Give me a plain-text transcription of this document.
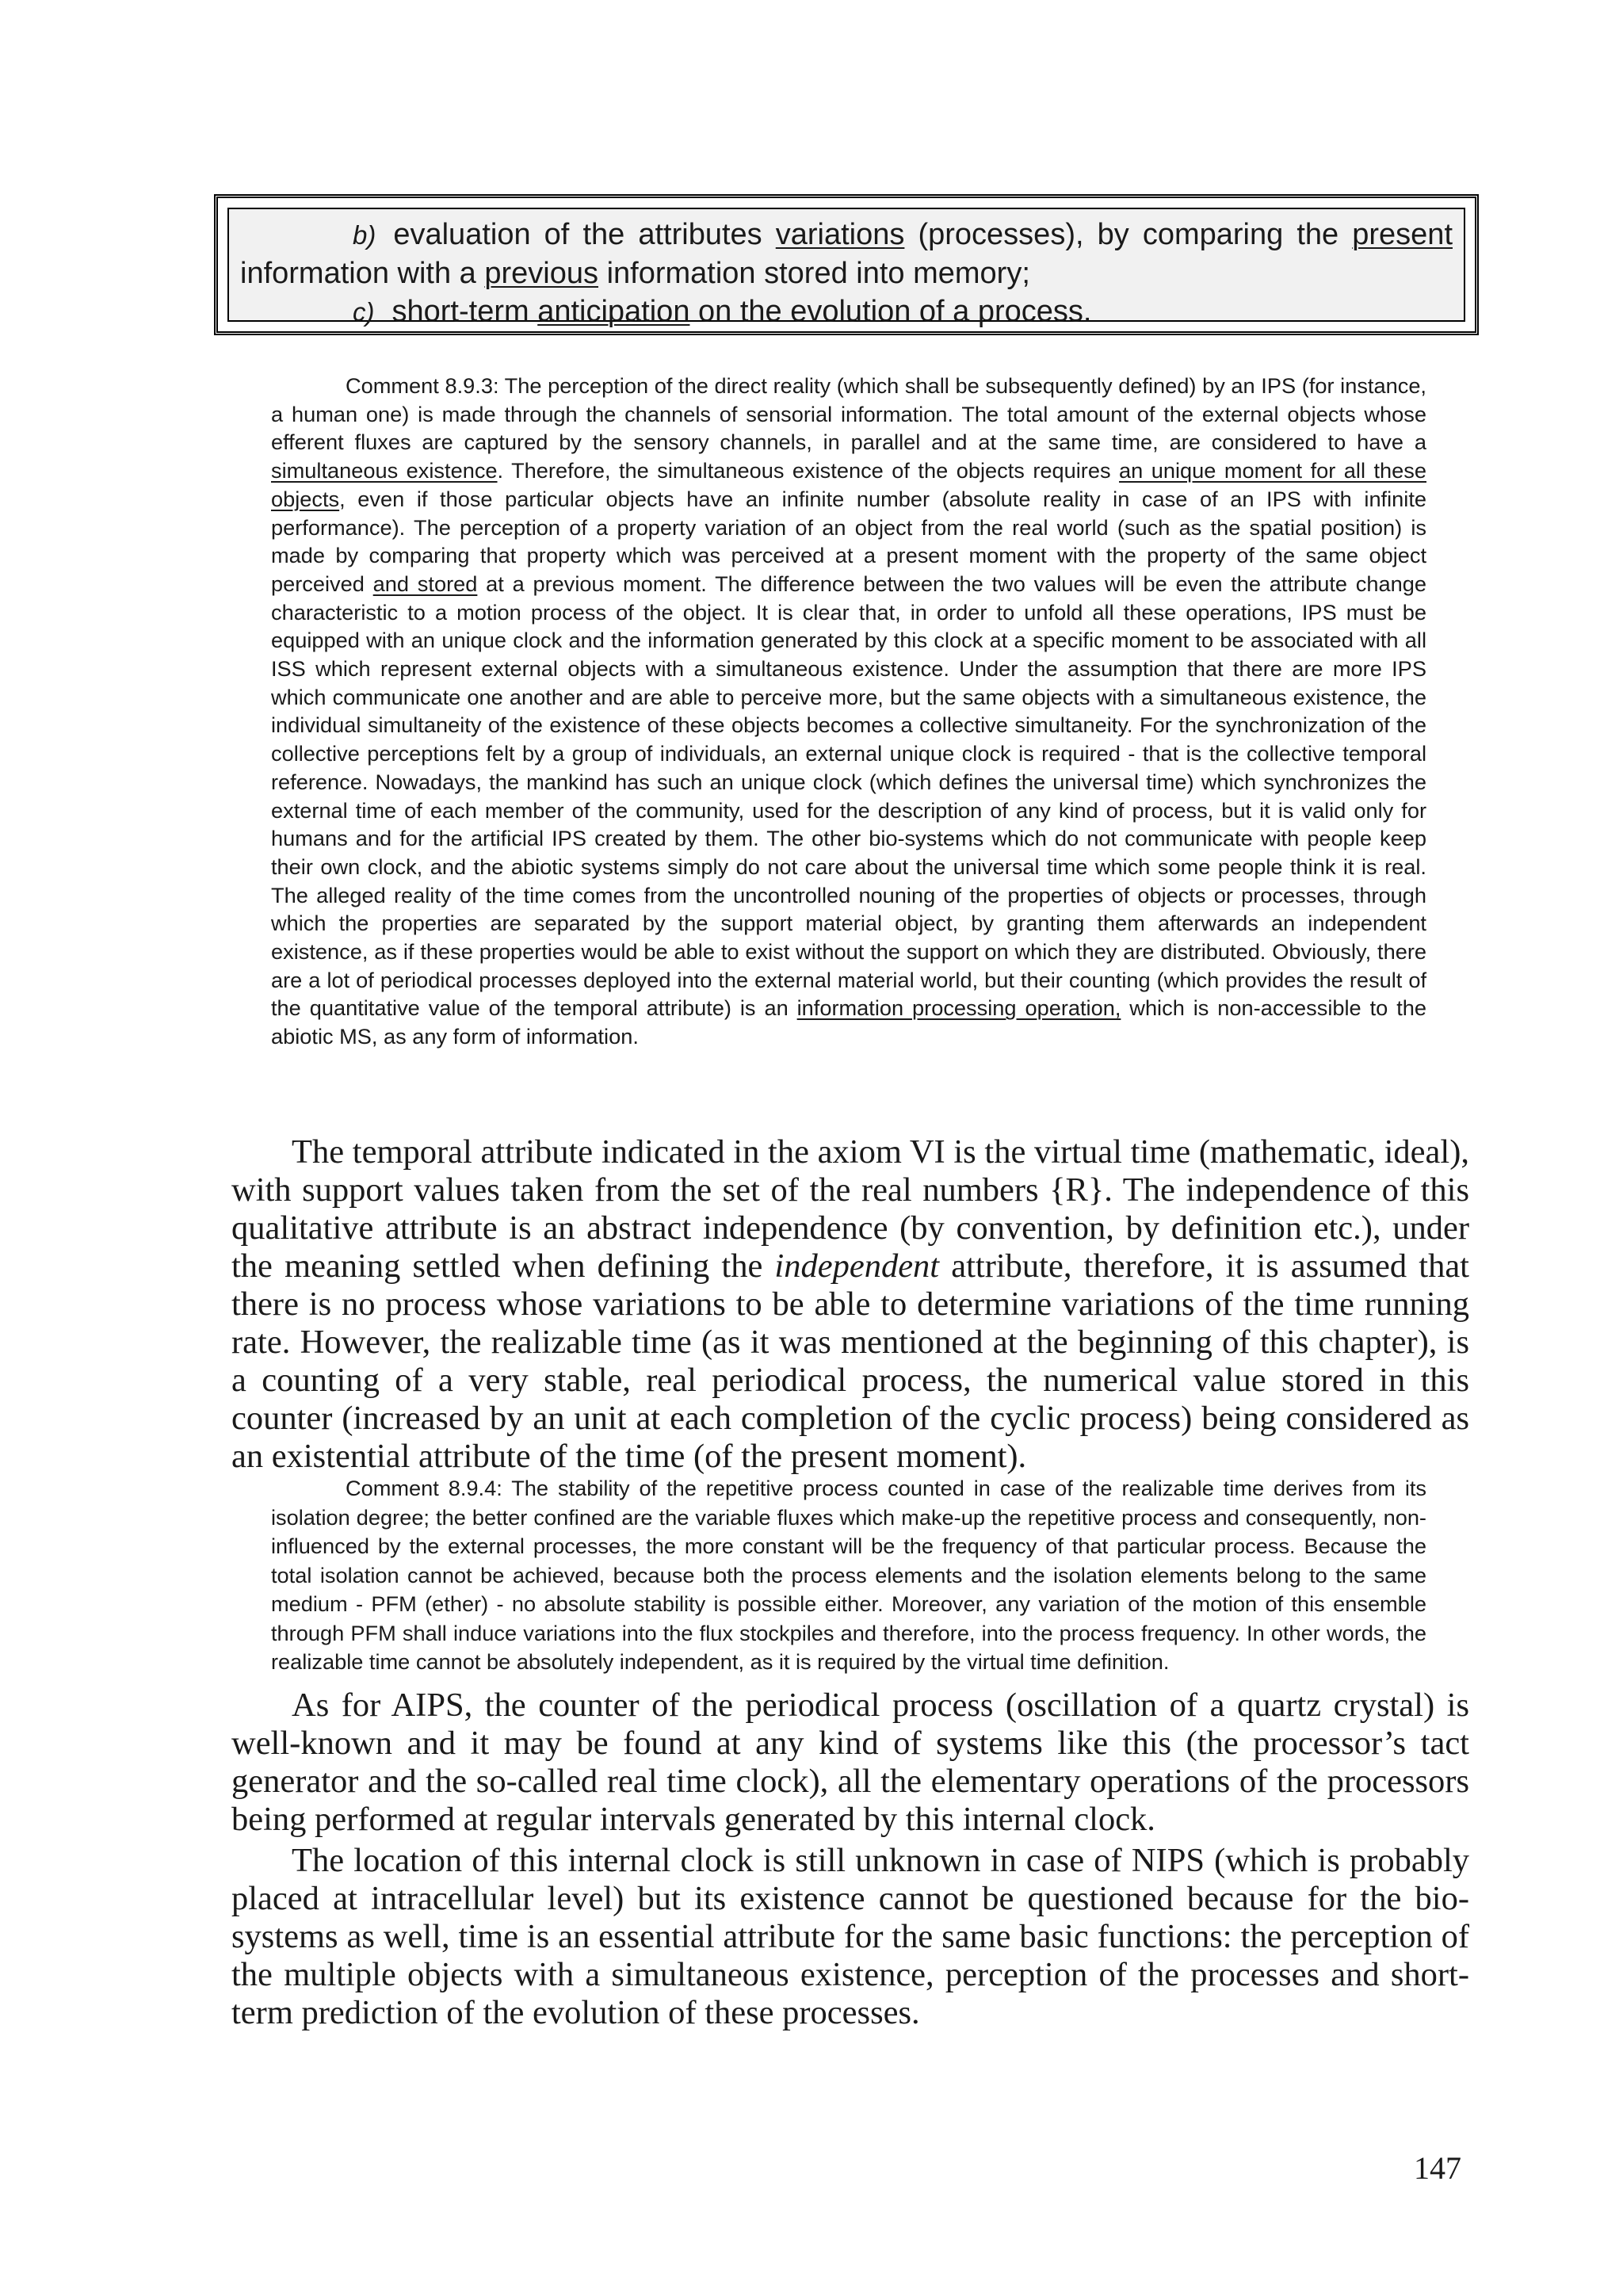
b) evaluation of the attributes variations (processes), by comparing the present information with a previous information stored into memory;

c) short-term anticipation on the evolution of a process.

Comment 8.9.3: The perception of the direct reality (which shall be subsequently defined) by an IPS (for instance, a human one) is made through the channels of sensorial information. The total amount of the external objects whose efferent fluxes are captured by the sensory channels, in parallel and at the same time, are considered to have a simultaneous existence. Therefore, the simultaneous existence of the objects requires an unique moment for all these objects, even if those particular objects have an infinite number (absolute reality in case of an IPS with infinite performance). The perception of a property variation of an object from the real world (such as the spatial position) is made by comparing that property which was perceived at a present moment with the property of the same object perceived and stored at a previous moment. The difference between the two values will be even the attribute change characteristic to a motion process of the object. It is clear that, in order to unfold all these operations, IPS must be equipped with an unique clock and the information generated by this clock at a specific moment to be associated with all ISS which represent external objects with a simultaneous existence. Under the assumption that there are more IPS which communicate one another and are able to perceive more, but the same objects with a simultaneous existence, the individual simultaneity of the existence of these objects becomes a collective simultaneity. For the synchronization of the collective perceptions felt by a group of individuals, an external unique clock is required - that is the collective temporal reference. Nowadays, the mankind has such an unique clock (which defines the universal time) which synchronizes the external time of each member of the community, used for the description of any kind of process, but it is valid only for humans and for the artificial IPS created by them. The other bio-systems which do not communicate with people keep their own clock, and the abiotic systems simply do not care about the universal time which some people think it is real. The alleged reality of the time comes from the uncontrolled nouning of the properties of objects or processes, through which the properties are separated by the support material object, by granting them afterwards an independent existence, as if these properties would be able to exist without the support on which they are distributed. Obviously, there are a lot of periodical processes deployed into the external material world, but their counting (which provides the result of the quantitative value of the temporal attribute) is an information processing operation, which is non-accessible to the abiotic MS, as any form of information.

The temporal attribute indicated in the axiom VI is the virtual time (mathematic, ideal), with support values taken from the set of the real numbers {R}. The independence of this qualitative attribute is an abstract independence (by convention, by definition etc.), under the meaning settled when defining the independent attribute, therefore, it is assumed that there is no process whose variations to be able to determine variations of the time running rate. However, the realizable time (as it was mentioned at the beginning of this chapter), is a counting of a very stable, real periodical process, the numerical value stored in this counter (increased by an unit at each completion of the cyclic process) being considered as an existential attribute of the time (of the present moment).

Comment 8.9.4: The stability of the repetitive process counted in case of the realizable time derives from its isolation degree; the better confined are the variable fluxes which make-up the repetitive process and consequently, non-influenced by the external processes, the more constant will be the frequency of that particular process. Because the total isolation cannot be achieved, because both the process elements and the isolation elements belong to the same medium - PFM (ether) - no absolute stability is possible either. Moreover, any variation of the motion of this ensemble through PFM shall induce variations into the flux stockpiles and therefore, into the process frequency. In other words, the realizable time cannot be absolutely independent, as it is required by the virtual time definition.

As for AIPS, the counter of the periodical process (oscillation of a quartz crystal) is well-known and it may be found at any kind of systems like this (the processor’s tact generator and the so-called real time clock), all the elementary operations of the processors being performed at regular intervals generated by this internal clock.

The location of this internal clock is still unknown in case of NIPS (which is probably placed at intracellular level) but its existence cannot be questioned because for the bio-systems as well, time is an essential attribute for the same basic functions: the perception of the multiple objects with a simultaneous existence, perception of the processes and short-term prediction of the evolution of these processes.

147
